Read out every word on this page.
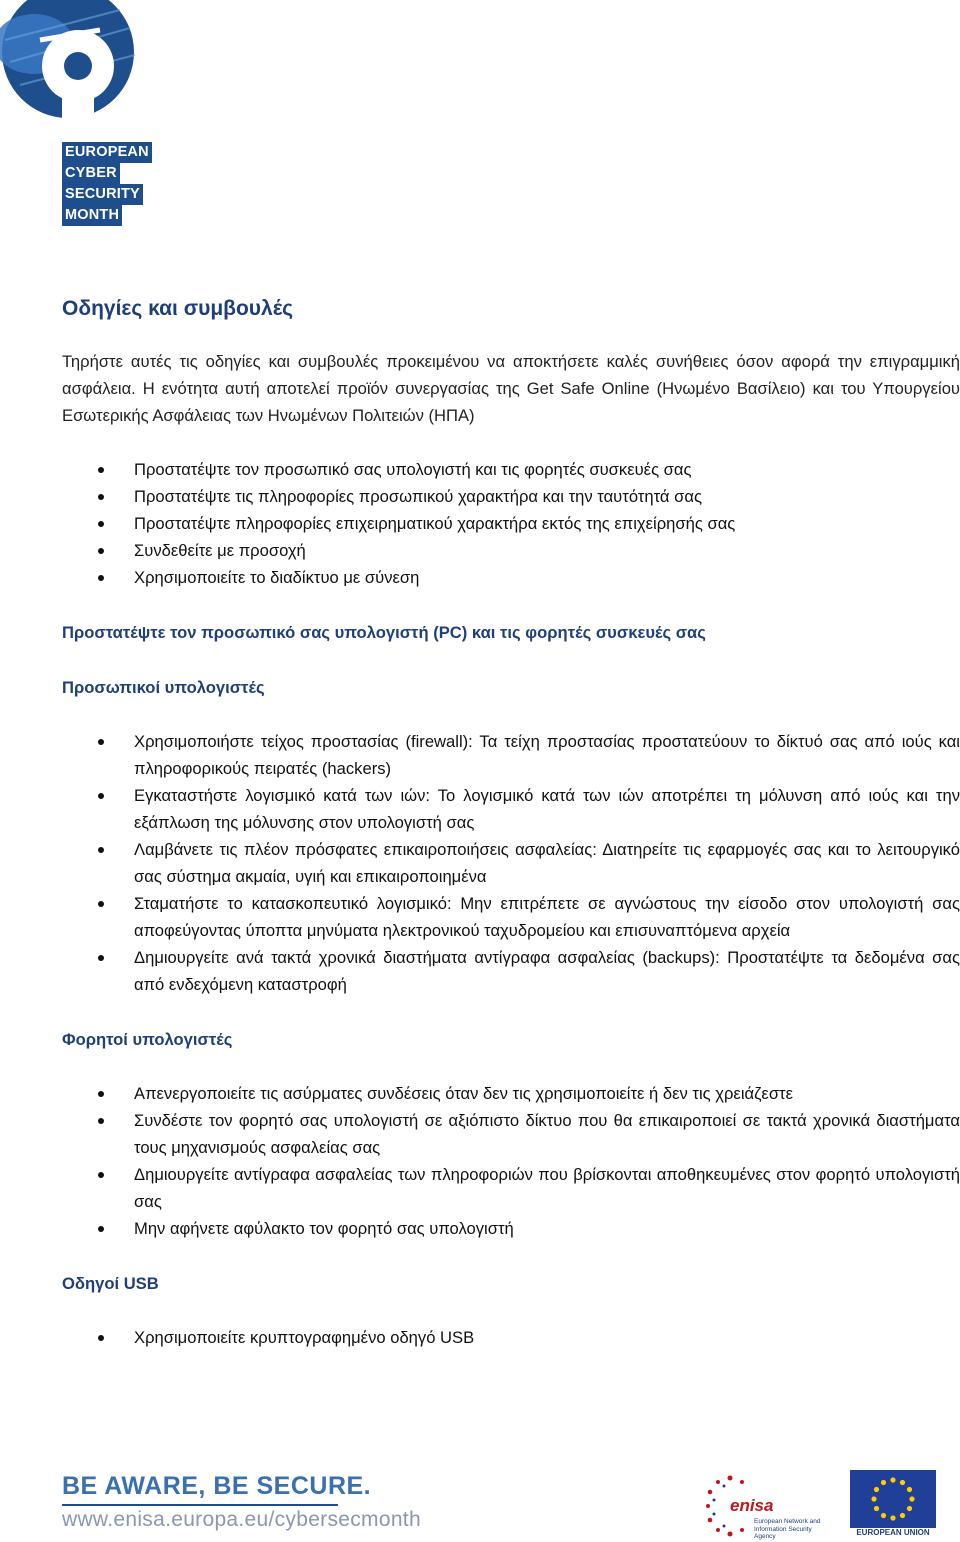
EUROPEAN
CYBER
SECURITY
MONTH
Οδηγίες και συμβουλές

Τηρήστε αυτές τις οδηγίες και συμβουλές προκειμένου να αποκτήσετε καλές συνήθειες όσον αφορά την επιγραμμική ασφάλεια. Η ενότητα αυτή αποτελεί προϊόν συνεργασίας της Get Safe Online (Ηνωμένο Βασίλειο) και του Υπουργείου Εσωτερικής Ασφάλειας των Ηνωμένων Πολιτειών (ΗΠΑ)

Προστατέψτε τον προσωπικό σας υπολογιστή και τις φορητές συσκευές σας
Προστατέψτε τις πληροφορίες προσωπικού χαρακτήρα και την ταυτότητά σας
Προστατέψτε πληροφορίες επιχειρηματικού χαρακτήρα εκτός της επιχείρησής σας
Συνδεθείτε με προσοχή
Χρησιμοποιείτε το διαδίκτυο με σύνεση
Προστατέψτε τον προσωπικό σας υπολογιστή (PC) και τις φορητές συσκευές σας
Προσωπικοί υπολογιστές
Χρησιμοποιήστε τείχος προστασίας (firewall): Τα τείχη προστασίας προστατεύουν το δίκτυό σας από ιούς και πληροφορικούς πειρατές (hackers)
Εγκαταστήστε λογισμικό κατά των ιών: Το λογισμικό κατά των ιών αποτρέπει τη μόλυνση από ιούς και την εξάπλωση της μόλυνσης στον υπολογιστή σας
Λαμβάνετε τις πλέον πρόσφατες επικαιροποιήσεις ασφαλείας: Διατηρείτε τις εφαρμογές σας και το λειτουργικό σας σύστημα ακμαία, υγιή και επικαιροποιημένα
Σταματήστε το κατασκοπευτικό λογισμικό: Μην επιτρέπετε σε αγνώστους την είσοδο στον υπολογιστή σας αποφεύγοντας ύποπτα μηνύματα ηλεκτρονικού ταχυδρομείου και επισυναπτόμενα αρχεία
Δημιουργείτε ανά τακτά χρονικά διαστήματα αντίγραφα ασφαλείας (backups): Προστατέψτε τα δεδομένα σας από ενδεχόμενη καταστροφή
Φορητοί υπολογιστές
Απενεργοποιείτε τις ασύρματες συνδέσεις όταν δεν τις χρησιμοποιείτε ή δεν τις χρειάζεστε
Συνδέστε τον φορητό σας υπολογιστή σε αξιόπιστο δίκτυο που θα επικαιροποιεί σε τακτά χρονικά διαστήματα τους μηχανισμούς ασφαλείας σας
Δημιουργείτε αντίγραφα ασφαλείας των πληροφοριών που βρίσκονται αποθηκευμένες στον φορητό υπολογιστή σας
Μην αφήνετε αφύλακτο τον φορητό σας υπολογιστή
Οδηγοί USB
Χρησιμοποιείτε κρυπτογραφημένο οδηγό USB
BE AWARE, BE SECURE.
www.enisa.europa.eu/cybersecmonth
enisa
European Network and Information Security Agency	EUROPEAN UNION
